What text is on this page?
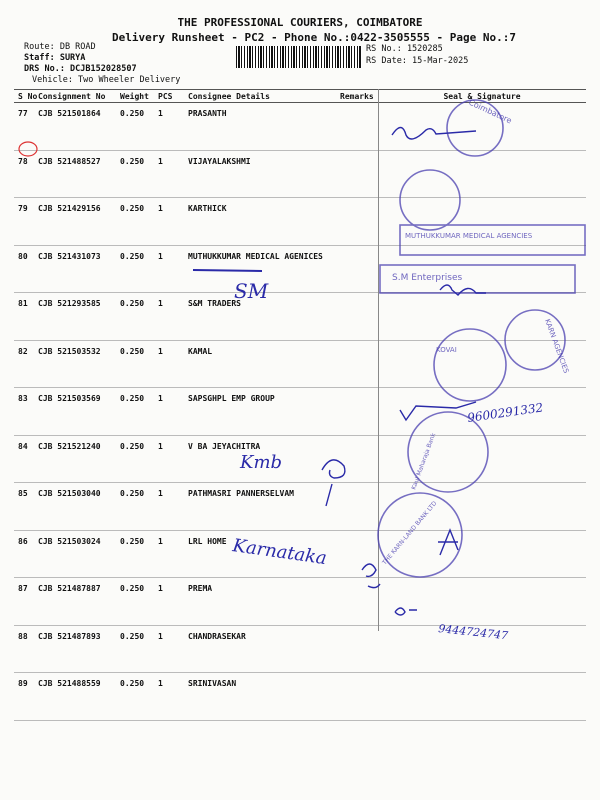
THE PROFESSIONAL COURIERS, COIMBATORE
Delivery Runsheet - PC2 - Phone No.:0422-3505555 - Page No.:7
Route: DB ROAD
Staff: SURYA
DRS No.: DCJB152028507
Vehicle: Two Wheeler Delivery
RS No.: 1520285
RS Date: 15-Mar-2025
S No	Consignment No	Weight	PCS	Consignee Details	Remarks	Seal & Signature
77	CJB 521501864	0.250	1	PRASANTH		
78	CJB 521488527	0.250	1	VIJAYALAKSHMI		
79	CJB 521429156	0.250	1	KARTHICK		
80	CJB 521431073	0.250	1	MUTHUKKUMAR MEDICAL AGENICES		
81	CJB 521293585	0.250	1	S&M TRADERS		
82	CJB 521503532	0.250	1	KAMAL		
83	CJB 521503569	0.250	1	SAPSGHPL EMP GROUP		
84	CJB 521521240	0.250	1	V BA JEYACHITRA		
85	CJB 521503040	0.250	1	PATHMASRI PANNERSELVAM		
86	CJB 521503024	0.250	1	LRL HOME		
87	CJB 521487887	0.250	1	PREMA		
88	CJB 521487893	0.250	1	CHANDRASEKAR		
89	CJB 521488559	0.250	1	SRINIVASAN		
Coimbatore
MUTHUKKUMAR MEDICAL AGENCIES
S.M Enterprises
KARN AGENCIES
KOVAI
Kaul Maharaja Bank
THE KARN-LAND BANK LTD
SM
Kmb
Karnataka
9600291332
9444724747
